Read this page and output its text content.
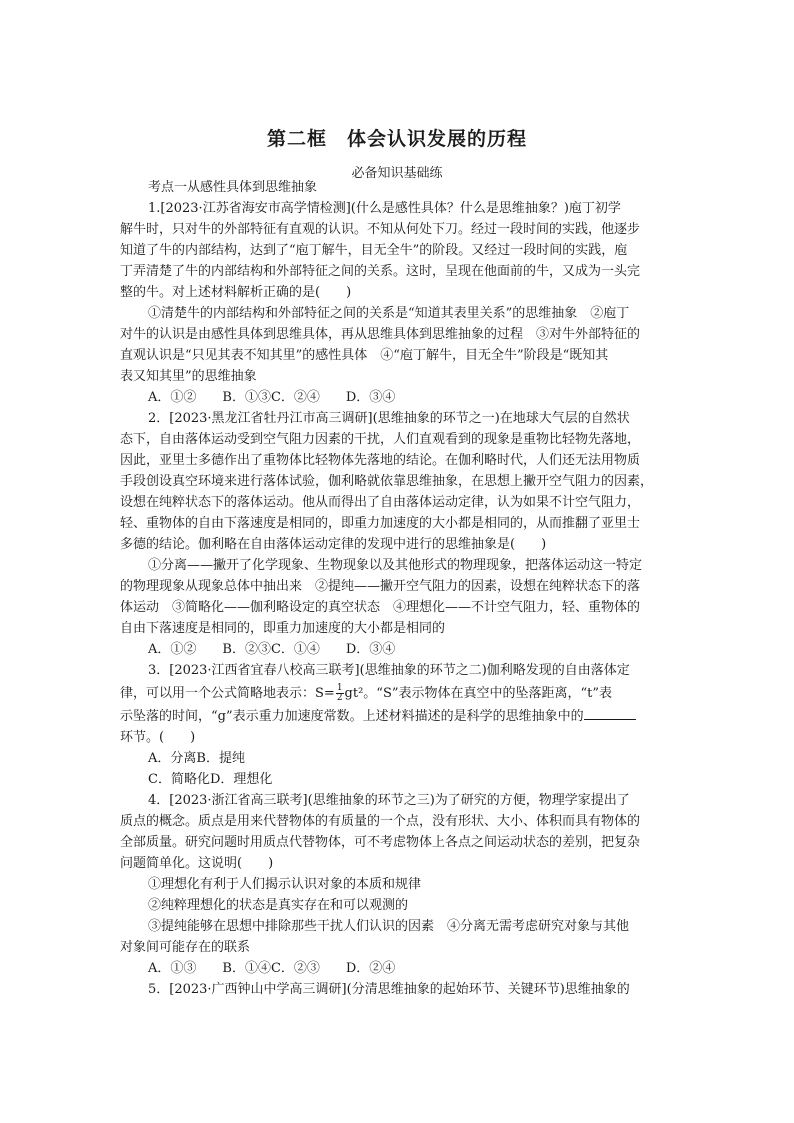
第二框　体会认识发展的历程
必备知识基础练
考点一从感性具体到思维抽象
1.[2023·江苏省海安市高学情检测](什么是感性具体？什么是思维抽象？)庖丁初学
解牛时，只对牛的外部特征有直观的认识。不知从何处下刀。经过一段时间的实践，他逐步
知道了牛的内部结构，达到了“庖丁解牛，目无全牛”的阶段。又经过一段时间的实践，庖
丁弄清楚了牛的内部结构和外部特征之间的关系。这时，呈现在他面前的牛，又成为一头完
整的牛。对上述材料解析正确的是(　　)
①清楚牛的内部结构和外部特征之间的关系是“知道其表里关系”的思维抽象　②庖丁
对牛的认识是由感性具体到思维具体，再从思维具体到思维抽象的过程　③对牛外部特征的
直观认识是“只见其表不知其里”的感性具体　④“庖丁解牛，目无全牛”阶段是“既知其
表又知其里”的思维抽象
A．①②　　B．①③C．②④　　D．③④
2．[2023·黑龙江省牡丹江市高三调研](思维抽象的环节之一)在地球大气层的自然状
态下，自由落体运动受到空气阻力因素的干扰，人们直观看到的现象是重物比轻物先落地，
因此，亚里士多德作出了重物体比轻物体先落地的结论。在伽利略时代，人们还无法用物质
手段创设真空环境来进行落体试验，伽利略就依靠思维抽象，在思想上撇开空气阻力的因素，
设想在纯粹状态下的落体运动。他从而得出了自由落体运动定律，认为如果不计空气阻力，
轻、重物体的自由下落速度是相同的，即重力加速度的大小都是相同的，从而推翻了亚里士
多德的结论。伽利略在自由落体运动定律的发现中进行的思维抽象是(　　)
①分离——撇开了化学现象、生物现象以及其他形式的物理现象，把落体运动这一特定
的物理现象从现象总体中抽出来　②提纯——撇开空气阻力的因素，设想在纯粹状态下的落
体运动　③简略化——伽利略设定的真空状态　④理想化——不计空气阻力，轻、重物体的
自由下落速度是相同的，即重力加速度的大小都是相同的
A．①②　　B．②③C．①④　　D．③④
3．[2023·江西省宜春八校高三联考](思维抽象的环节之二)伽利略发现的自由落体定
律，可以用一个公式简略地表示：$S= \frac{1}{2} gt^2$。“S”表示物体在真空中的坠落距离，“t”表
示坠落的时间，“g”表示重力加速度常数。上述材料描述的是科学的思维抽象中的
环节。(　　)
A．分离B．提纯
C．简略化D．理想化
4．[2023·浙江省高三联考](思维抽象的环节之三)为了研究的方便，物理学家提出了
质点的概念。质点是用来代替物体的有质量的一个点，没有形状、大小、体积而具有物体的
全部质量。研究问题时用质点代替物体，可不考虑物体上各点之间运动状态的差别，把复杂
问题简单化。这说明(　　)
①理想化有利于人们揭示认识对象的本质和规律
②纯粹理想化的状态是真实存在和可以观测的
③提纯能够在思想中排除那些干扰人们认识的因素　④分离无需考虑研究对象与其他
对象间可能存在的联系
A．①③　　B．①④C．②③　　D．②④
5．[2023·广西钟山中学高三调研](分清思维抽象的起始环节、关键环节)思维抽象的
